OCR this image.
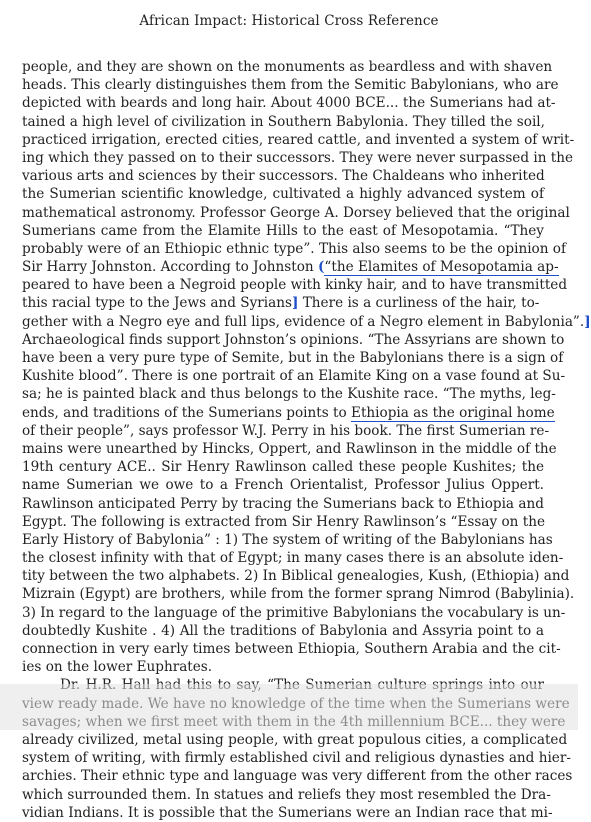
African Impact: Historical Cross Reference
people, and they are shown on the monuments as beardless and with shaven
heads. This clearly distinguishes them from the Semitic Babylonians, who are
depicted with beards and long hair. About 4000 BCE... the Sumerians had at-
tained a high level of civilization in Southern Babylonia. They tilled the soil,
practiced irrigation, erected cities, reared cattle, and invented a system of writ-
ing which they passed on to their successors. They were never surpassed in the
various arts and sciences by their successors. The Chaldeans who inherited
the Sumerian scientific knowledge, cultivated a highly advanced system of
mathematical astronomy. Professor George A. Dorsey believed that the original
Sumerians came from the Elamite Hills to the east of Mesopotamia. “They
probably were of an Ethiopic ethnic type”. This also seems to be the opinion of
Sir Harry Johnston. According to Johnston (“the Elamites of Mesopotamia ap-
peared to have been a Negroid people with kinky hair, and to have transmitted
this racial type to the Jews and Syrians] There is a curliness of the hair, to-
gether with a Negro eye and full lips, evidence of a Negro element in Babylonia”.]
Archaeological finds support Johnston’s opinions. “The Assyrians are shown to
have been a very pure type of Semite, but in the Babylonians there is a sign of
Kushite blood”. There is one portrait of an Elamite King on a vase found at Su-
sa; he is painted black and thus belongs to the Kushite race. “The myths, leg-
ends, and traditions of the Sumerians points to Ethiopia as the original home
of their people”, says professor W.J. Perry in his book. The first Sumerian re-
mains were unearthed by Hincks, Oppert, and Rawlinson in the middle of the
19th century ACE.. Sir Henry Rawlinson called these people Kushites; the
name Sumerian we owe to a French Orientalist, Professor Julius Oppert.
Rawlinson anticipated Perry by tracing the Sumerians back to Ethiopia and
Egypt. The following is extracted from Sir Henry Rawlinson’s “Essay on the
Early History of Babylonia” : 1) The system of writing of the Babylonians has
the closest infinity with that of Egypt; in many cases there is an absolute iden-
tity between the two alphabets. 2) In Biblical genealogies, Kush, (Ethiopia) and
Mizrain (Egypt) are brothers, while from the former sprang Nimrod (Babylinia).
3) In regard to the language of the primitive Babylonians the vocabulary is un-
doubtedly Kushite . 4) All the traditions of Babylonia and Assyria point to a
connection in very early times between Ethiopia, Southern Arabia and the cit-
ies on the lower Euphrates.
already civilized, metal using people, with great populous cities, a complicated
system of writing, with firmly established civil and religious dynasties and hier-
archies. Their ethnic type and language was very different from the other races
which surrounded them. In statues and reliefs they most resembled the Dra-
vidian Indians. It is possible that the Sumerians were an Indian race that mi-
